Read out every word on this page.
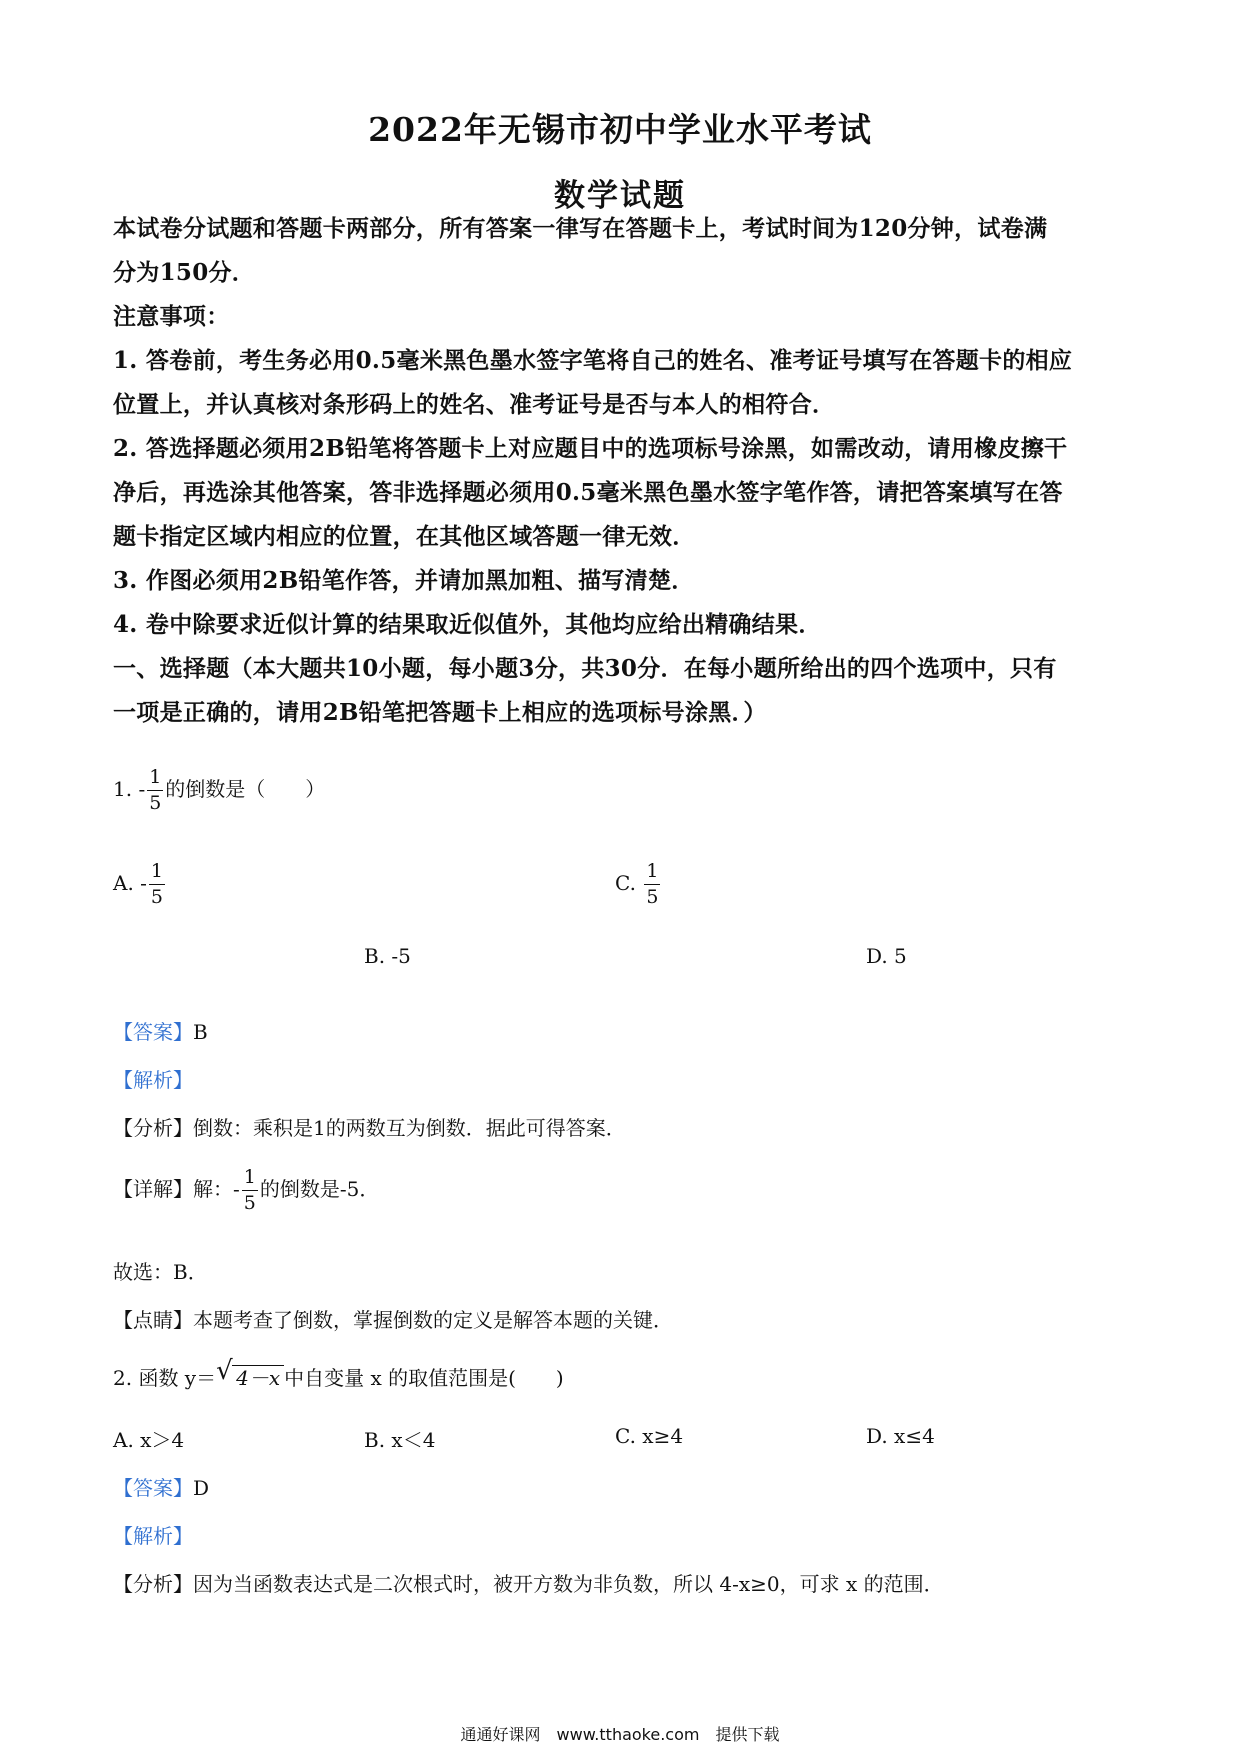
2022年无锡市初中学业水平考试
数学试题
本试卷分试题和答题卡两部分，所有答案一律写在答题卡上，考试时间为120分钟，试卷满
分为150分．
注意事项：
1. 答卷前，考生务必用0.5毫米黑色墨水签字笔将自己的姓名、准考证号填写在答题卡的相应
位置上，并认真核对条形码上的姓名、准考证号是否与本人的相符合．
2. 答选择题必须用2B铅笔将答题卡上对应题目中的选项标号涂黑，如需改动，请用橡皮擦干
净后，再选涂其他答案，答非选择题必须用0.5毫米黑色墨水签字笔作答，请把答案填写在答
题卡指定区域内相应的位置，在其他区域答题一律无效．
3. 作图必须用2B铅笔作答，并请加黑加粗、描写清楚．
4. 卷中除要求近似计算的结果取近似值外，其他均应给出精确结果．
一、选择题（本大题共10小题，每小题3分，共30分．在每小题所给出的四个选项中，只有
一项是正确的，请用2B铅笔把答题卡上相应的选项标号涂黑．）
1. - $\frac{1}{5}$ 的倒数是（　　）
A. - $\frac{1}{5}$
B. -5
C. $\frac{1}{5}$
D. 5
【答案】B
【解析】
【分析】倒数：乘积是1的两数互为倒数．据此可得答案．
【详解】解：- $\frac{1}{5}$ 的倒数是-5．
故选：B．
【点睛】本题考查了倒数，掌握倒数的定义是解答本题的关键．
2. 函数 y＝ √ 4－x 中自变量 x 的取值范围是(　　)
A. x＞4	B. x＜4	C. x≥4	D. x≤4
【答案】D
【解析】
【分析】因为当函数表达式是二次根式时，被开方数为非负数，所以 4-x≥0，可求 x 的范围．
通通好课网　www.tthaoke.com　提供下载
